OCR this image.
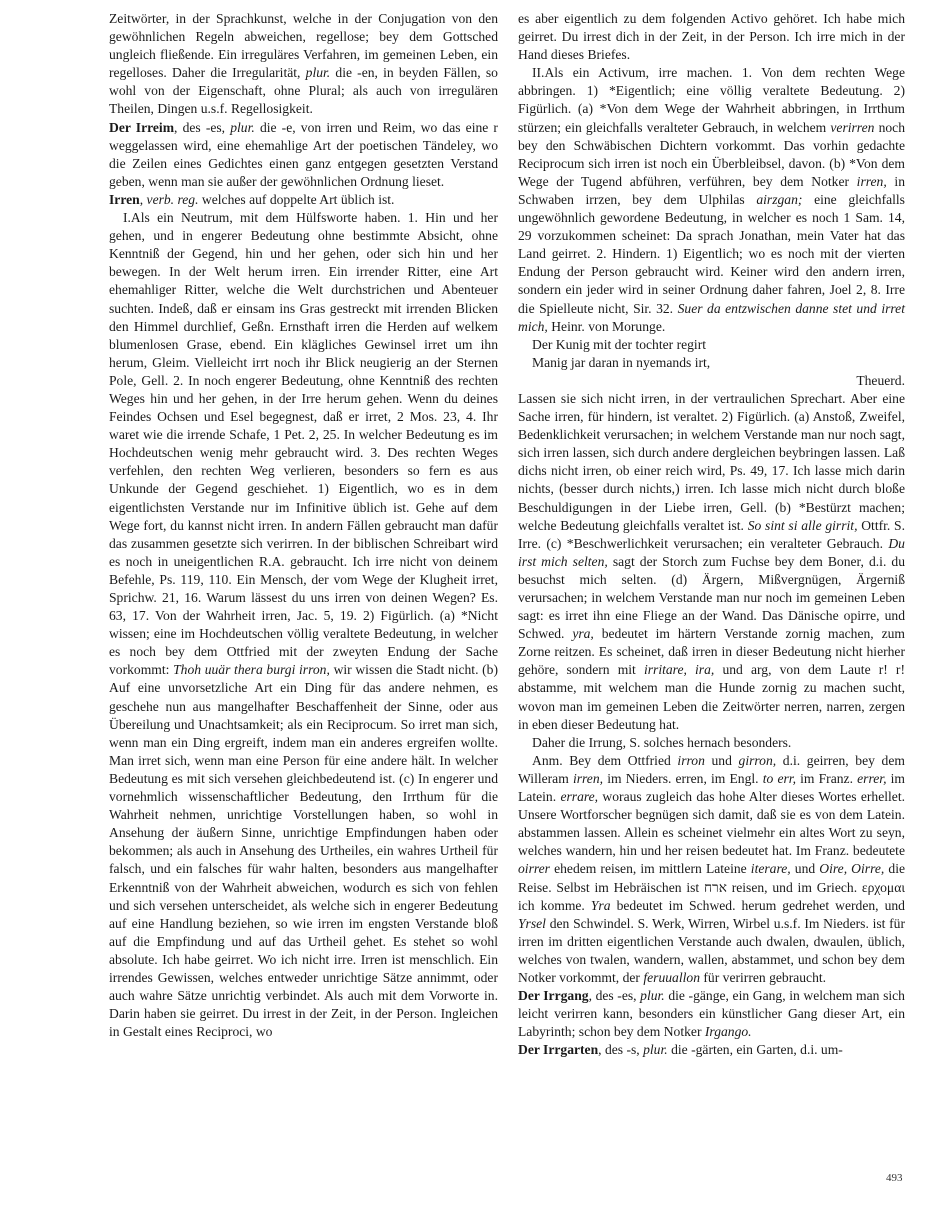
Zeitwörter, in der Sprachkunst, welche in der Conjugation von den gewöhnlichen Regeln abweichen, regellose; bey dem Gottsched ungleich fließende. Ein irreguläres Verfahren, im gemeinen Leben, ein regelloses. Daher die Irregularität, plur. die -en, in beyden Fällen, so wohl von der Eigenschaft, ohne Plural; als auch von irregulären Theilen, Dingen u.s.f. Regellosigkeit.

Der Irreim, des -es, plur. die -e, von irren und Reim, wo das eine r weggelassen wird, eine ehemahlige Art der poetischen Tändeley, wo die Zeilen eines Gedichtes einen ganz entgegen gesetzten Verstand geben, wenn man sie außer der gewöhnlichen Ordnung lieset.

Irren, verb. reg. welches auf doppelte Art üblich ist.

I.Als ein Neutrum, mit dem Hülfsworte haben. 1. Hin und her gehen, und in engerer Bedeutung ohne bestimmte Absicht, ohne Kenntniß der Gegend, hin und her gehen, oder sich hin und her bewegen. In der Welt herum irren. Ein irrender Ritter, eine Art ehemahliger Ritter, welche die Welt durchstrichen und Abenteuer suchten. Indeß, daß er einsam ins Gras gestreckt mit irrenden Blicken den Himmel durchlief, Geßn. Ernsthaft irren die Herden auf welkem blumenlosen Grase, ebend. Ein klägliches Gewinsel irret um ihn herum, Gleim. Vielleicht irrt noch ihr Blick neugierig an der Sternen Pole, Gell. 2. In noch engerer Bedeutung, ohne Kenntniß des rechten Weges hin und her gehen, in der Irre herum gehen. Wenn du deines Feindes Ochsen und Esel begegnest, daß er irret, 2 Mos. 23, 4. Ihr waret wie die irrende Schafe, 1 Pet. 2, 25. In welcher Bedeutung es im Hochdeutschen wenig mehr gebraucht wird. 3. Des rechten Weges verfehlen, den rechten Weg verlieren, besonders so fern es aus Unkunde der Gegend geschiehet. 1) Eigentlich, wo es in dem eigentlichsten Verstande nur im Infinitive üblich ist. Gehe auf dem Wege fort, du kannst nicht irren. In andern Fällen gebraucht man dafür das zusammen gesetzte sich verirren. In der biblischen Schreibart wird es noch in uneigentlichen R.A. gebraucht. Ich irre nicht von deinem Befehle, Ps. 119, 110. Ein Mensch, der vom Wege der Klugheit irret, Sprichw. 21, 16. Warum lässest du uns irren von deinen Wegen? Es. 63, 17. Von der Wahrheit irren, Jac. 5, 19. 2) Figürlich. (a) *Nicht wissen; eine im Hochdeutschen völlig veraltete Bedeutung, in welcher es noch bey dem Ottfried mit der zweyten Endung der Sache vorkommt: Thoh uuär thera burgi irron, wir wissen die Stadt nicht. (b) Auf eine unvorsetzliche Art ein Ding für das andere nehmen, es geschehe nun aus mangelhafter Beschaffenheit der Sinne, oder aus Übereilung und Unachtsamkeit; als ein Reciprocum. So irret man sich, wenn man ein Ding ergreift, indem man ein anderes ergreifen wollte. Man irret sich, wenn man eine Person für eine andere hält. In welcher Bedeutung es mit sich versehen gleichbedeutend ist. (c) In engerer und vornehmlich wissenschaftlicher Bedeutung, den Irrthum für die Wahrheit nehmen, unrichtige Vorstellungen haben, so wohl in Ansehung der äußern Sinne, unrichtige Empfindungen haben oder bekommen; als auch in Ansehung des Urtheiles, ein wahres Urtheil für falsch, und ein falsches für wahr halten, besonders aus mangelhafter Erkenntniß von der Wahrheit abweichen, wodurch es sich von fehlen und sich versehen unterscheidet, als welche sich in engerer Bedeutung auf eine Handlung beziehen, so wie irren im engsten Verstande bloß auf die Empfindung und auf das Urtheil gehet. Es stehet so wohl absolute. Ich habe geirret. Wo ich nicht irre. Irren ist menschlich. Ein irrendes Gewissen, welches entweder unrichtige Sätze annimmt, oder auch wahre Sätze unrichtig verbindet. Als auch mit dem Vorworte in. Darin haben sie geirret. Du irrest in der Zeit, in der Person. Ingleichen in Gestalt eines Reciproci, wo

es aber eigentlich zu dem folgenden Activo gehöret. Ich habe mich geirret. Du irrest dich in der Zeit, in der Person. Ich irre mich in der Hand dieses Briefes.

II.Als ein Activum, irre machen. 1. Von dem rechten Wege abbringen. 1) *Eigentlich; eine völlig veraltete Bedeutung. 2) Figürlich. (a) *Von dem Wege der Wahrheit abbringen, in Irrthum stürzen; ein gleichfalls veralteter Gebrauch, in welchem verirren noch bey den Schwäbischen Dichtern vorkommt. Das vorhin gedachte Reciprocum sich irren ist noch ein Überbleibsel, davon. (b) *Von dem Wege der Tugend abführen, verführen, bey dem Notker irren, in Schwaben irrzen, bey dem Ulphilas airzgan; eine gleichfalls ungewöhnlich gewordene Bedeutung, in welcher es noch 1 Sam. 14, 29 vorzukommen scheinet: Da sprach Jonathan, mein Vater hat das Land geirret. 2. Hindern. 1) Eigentlich; wo es noch mit der vierten Endung der Person gebraucht wird. Keiner wird den andern irren, sondern ein jeder wird in seiner Ordnung daher fahren, Joel 2, 8. Irre die Spielleute nicht, Sir. 32. Suer da entzwischen danne stet und irret mich, Heinr. von Morunge.

Der Kunig mit der tochter regirt

Manig jar daran in nyemands irt,

Theuerd.

Lassen sie sich nicht irren, in der vertraulichen Sprechart. Aber eine Sache irren, für hindern, ist veraltet. 2) Figürlich. (a) Anstoß, Zweifel, Bedenklichkeit verursachen; in welchem Verstande man nur noch sagt, sich irren lassen, sich durch andere dergleichen beybringen lassen. Laß dichs nicht irren, ob einer reich wird, Ps. 49, 17. Ich lasse mich darin nichts, (besser durch nichts,) irren. Ich lasse mich nicht durch bloße Beschuldigungen in der Liebe irren, Gell. (b) *Bestürzt machen; welche Bedeutung gleichfalls veraltet ist. So sint si alle girrit, Ottfr. S. Irre. (c) *Beschwerlichkeit verursachen; ein veralteter Gebrauch. Du irst mich selten, sagt der Storch zum Fuchse bey dem Boner, d.i. du besuchst mich selten. (d) Ärgern, Mißvergnügen, Ärgerniß verursachen; in welchem Verstande man nur noch im gemeinen Leben sagt: es irret ihn eine Fliege an der Wand. Das Dänische opirre, und Schwed. yra, bedeutet im härtern Verstande zornig machen, zum Zorne reitzen. Es scheinet, daß irren in dieser Bedeutung nicht hierher gehöre, sondern mit irritare, ira, und arg, von dem Laute r! r! abstamme, mit welchem man die Hunde zornig zu machen sucht, wovon man im gemeinen Leben die Zeitwörter nerren, narren, zergen in eben dieser Bedeutung hat.

Daher die Irrung, S. solches hernach besonders.

Anm. Bey dem Ottfried irron und girron, d.i. geirren, bey dem Willeram irren, im Nieders. erren, im Engl. to err, im Franz. errer, im Latein. errare, woraus zugleich das hohe Alter dieses Wortes erhellet. Unsere Wortforscher begnügen sich damit, daß sie es von dem Latein. abstammen lassen. Allein es scheinet vielmehr ein altes Wort zu seyn, welches wandern, hin und her reisen bedeutet hat. Im Franz. bedeutete oirrer ehedem reisen, im mittlern Lateine iterare, und Oire, Oirre, die Reise. Selbst im Hebräischen ist ארח reisen, und im Griech. ερχομαι ich komme. Yra bedeutet im Schwed. herum gedrehet werden, und Yrsel den Schwindel. S. Werk, Wirren, Wirbel u.s.f. Im Nieders. ist für irren im dritten eigentlichen Verstande auch dwalen, dwaulen, üblich, welches von twalen, wandern, wallen, abstammet, und schon bey dem Notker vorkommt, der feruuallon für verirren gebraucht.

Der Irrgang, des -es, plur. die -gänge, ein Gang, in welchem man sich leicht verirren kann, besonders ein künstlicher Gang dieser Art, ein Labyrinth; schon bey dem Notker Irgango.

Der Irrgarten, des -s, plur. die -gärten, ein Garten, d.i. um-

493
